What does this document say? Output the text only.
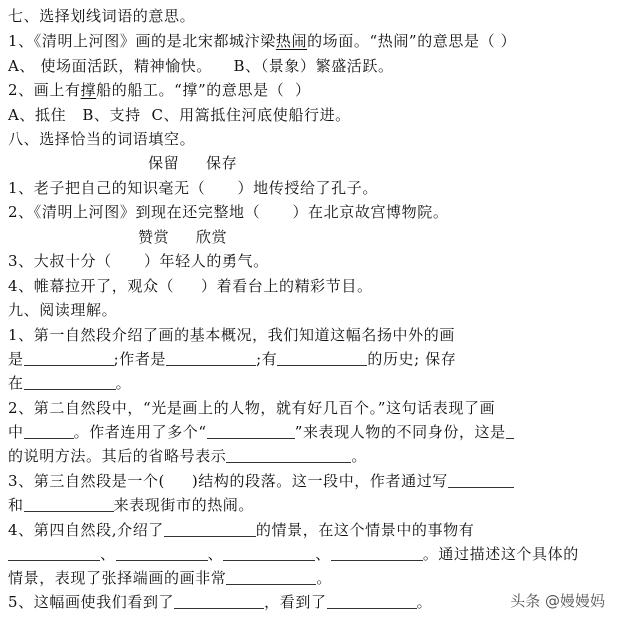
七、选择划线词语的意思。
1、《清明上河图》画的是北宋都城汴梁热闹的场面。“热闹”的意思是（ ）
A、 使场面活跃，精神愉快。    B、（景象）繁盛活跃。
2、画上有撑船的船工。“撑”的意思是（  ）
A、抵住   B、支持  C、用篙抵住河底使船行进。
八、选择恰当的词语填空。
保留     保存
1、老子把自己的知识毫无（      ）地传授给了孔子。
2、《清明上河图》到现在还完整地（      ）在北京故宫博物院。
赞赏     欣赏
3、大叔十分（      ）年轻人的勇气。
4、帷幕拉开了，观众（     ）着看台上的精彩节目。
九、阅读理解。
1、第一自然段介绍了画的基本概况，我们知道这幅名扬中外的画
是	;作者是	;有	的历史; 保存
在	。
2、第二自然段中，“光是画上的人物，就有好几百个。”这句话表现了画
中	。作者连用了多个“	”来表现人物的不同身份，这是
的说明方法。其后的省略号表示	。
3、第三自然段是一个(     )结构的段落。这一段中，作者通过写
和	来表现街市的热闹。
4、第四自然段,介绍了	的情景，在这个情景中的事物有
、	、	、	。通过描述这个具体的
情景，表现了张择端画的画非常	。
5、这幅画使我们看到了	，看到了	。	头条 @嫚嫚妈
